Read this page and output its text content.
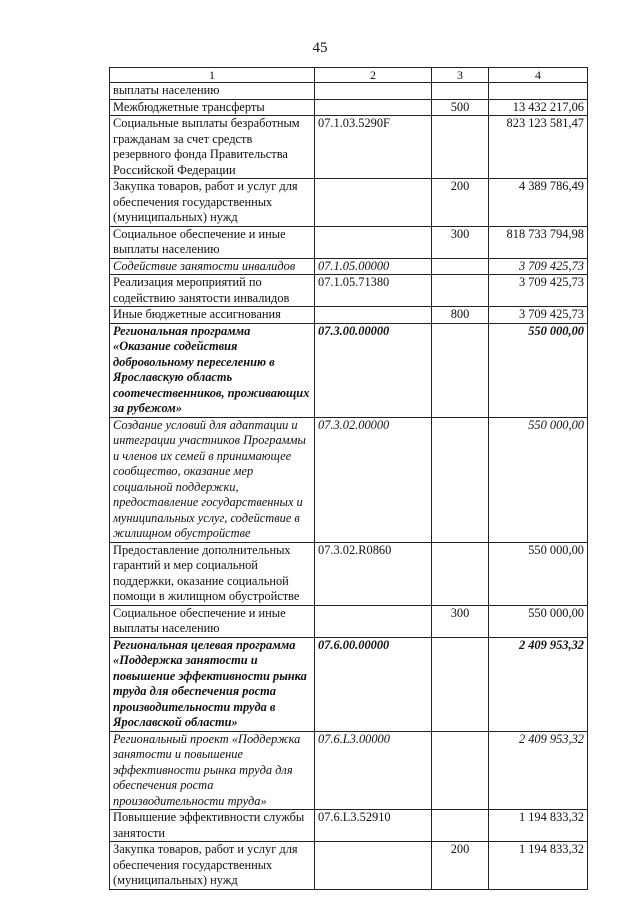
45
1	2	3	4
выплаты населению			
Межбюджетные трансферты		500	13 432 217,06
Социальные выплаты безработным гражданам за счет средств резервного фонда Правительства Российской Федерации	07.1.03.5290F		823 123 581,47
Закупка товаров, работ и услуг для обеспечения государственных (муниципальных) нужд		200	4 389 786,49
Социальное обеспечение и иные выплаты населению		300	818 733 794,98
Содействие занятости инвалидов	07.1.05.00000		3 709 425,73
Реализация мероприятий по содействию занятости инвалидов	07.1.05.71380		3 709 425,73
Иные бюджетные ассигнования		800	3 709 425,73
Региональная программа «Оказание содействия добровольному переселению в Ярославскую область соотечественников, проживающих за рубежом»	07.3.00.00000		550 000,00
Создание условий для адаптации и интеграции участников Программы и членов их семей в принимающее сообщество, оказание мер социальной поддержки, предоставление государственных и муниципальных услуг, содействие в жилищном обустройстве	07.3.02.00000		550 000,00
Предоставление дополнительных гарантий и мер социальной поддержки, оказание социальной помощи в жилищном обустройстве	07.3.02.R0860		550 000,00
Социальное обеспечение и иные выплаты населению		300	550 000,00
Региональная целевая программа «Поддержка занятости и повышение эффективности рынка труда для обеспечения роста производительности труда в Ярославской области»	07.6.00.00000		2 409 953,32
Региональный проект «Поддержка занятости и повышение эффективности рынка труда для обеспечения роста производительности труда»	07.6.L3.00000		2 409 953,32
Повышение эффективности службы занятости	07.6.L3.52910		1 194 833,32
Закупка товаров, работ и услуг для обеспечения государственных (муниципальных) нужд		200	1 194 833,32
